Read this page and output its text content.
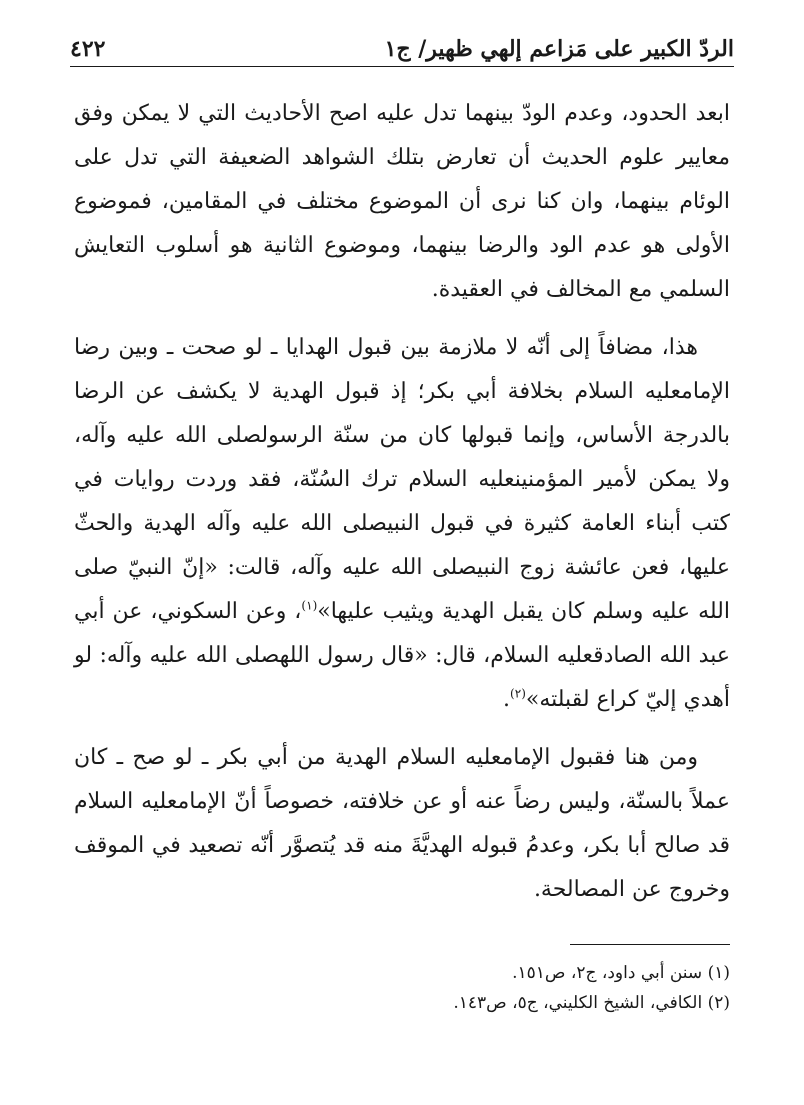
الردّ الكبير على مَزاعم إلهي ظهير/ ج١
٤٢٢

ابعد الحدود، وعدم الودّ بينهما تدل عليه اصح الأحاديث التي لا يمكن وفق معايير علوم الحديث أن تعارض بتلك الشواهد الضعيفة التي تدل على الوئام بينهما، وان كنا نرى أن الموضوع مختلف في المقامين، فموضوع الأولى هو عدم الود والرضا بينهما، وموضوع الثانية هو أسلوب التعايش السلمي مع المخالف في العقيدة.

هذا، مضافاً إلى أنّه لا ملازمة بين قبول الهدايا ـ لو صحت ـ وبين رضا الإمامعليه السلام بخلافة أبي بكر؛ إذ قبول الهدية لا يكشف عن الرضا بالدرجة الأساس، وإنما قبولها كان من سنّة الرسولصلى الله عليه وآله، ولا يمكن لأمير المؤمنينعليه السلام ترك السُنّة، فقد وردت روايات في كتب أبناء العامة كثيرة في قبول النبيصلى الله عليه وآله الهدية والحثّ عليها، فعن عائشة زوج النبيصلى الله عليه وآله، قالت: «إنّ النبيّ صلى الله عليه وسلم كان يقبل الهدية ويثيب عليها»$^{(١)}$، وعن السكوني، عن أبي عبد الله الصادقعليه السلام، قال: «قال رسول اللهصلى الله عليه وآله: لو أهدي إليّ كراع لقبلته»$^{(٢)}$.

ومن هنا فقبول الإمامعليه السلام الهدية من أبي بكر ـ لو صح ـ كان عملاً بالسنّة، وليس رضاً عنه أو عن خلافته، خصوصاً أنّ الإمامعليه السلام قد صالح أبا بكر، وعدمُ قبوله الهديَّةَ منه قد يُتصوَّر أنّه تصعيد في الموقف وخروج عن المصالحة.

(١) سنن أبي داود، ج٢، ص١٥١.
(٢) الكافي، الشيخ الكليني، ج٥، ص١٤٣.
